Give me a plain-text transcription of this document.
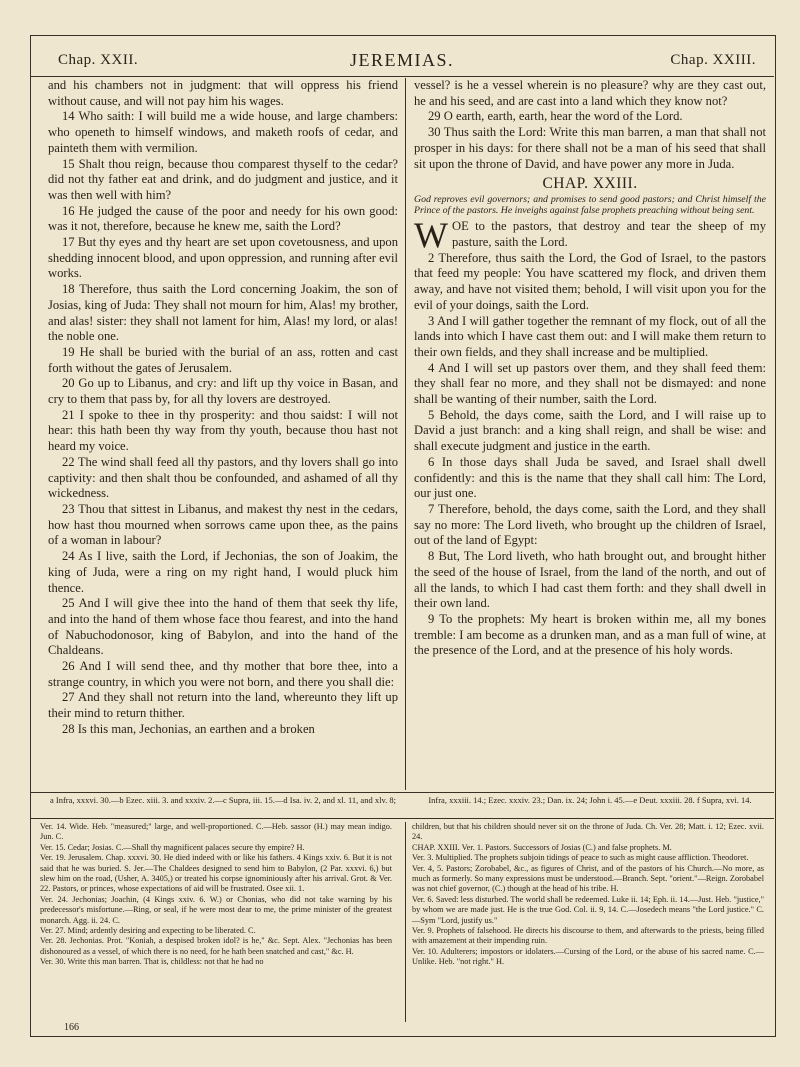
Chap. XXII.	JEREMIAS.	Chap. XXIII.

and his chambers not in judgment: that will oppress his friend without cause, and will not pay him his wages.

14 Who saith: I will build me a wide house, and large chambers: who openeth to himself windows, and maketh roofs of cedar, and painteth them with vermilion.

15 Shalt thou reign, because thou comparest thyself to the cedar? did not thy father eat and drink, and do judgment and justice, and it was then well with him?

16 He judged the cause of the poor and needy for his own good: was it not, therefore, because he knew me, saith the Lord?

17 But thy eyes and thy heart are set upon covetousness, and upon shedding innocent blood, and upon oppression, and running after evil works.

18 Therefore, thus saith the Lord concerning Joakim, the son of Josias, king of Juda: They shall not mourn for him, Alas! my brother, and alas! sister: they shall not lament for him, Alas! my lord, or alas! the noble one.

19 He shall be buried with the burial of an ass, rotten and cast forth without the gates of Jerusalem.

20 Go up to Libanus, and cry: and lift up thy voice in Basan, and cry to them that pass by, for all thy lovers are destroyed.

21 I spoke to thee in thy prosperity: and thou saidst: I will not hear: this hath been thy way from thy youth, because thou hast not heard my voice.

22 The wind shall feed all thy pastors, and thy lovers shall go into captivity: and then shalt thou be confounded, and ashamed of all thy wickedness.

23 Thou that sittest in Libanus, and makest thy nest in the cedars, how hast thou mourned when sorrows came upon thee, as the pains of a woman in labour?

24 As I live, saith the Lord, if Jechonias, the son of Joakim, the king of Juda, were a ring on my right hand, I would pluck him thence.

25 And I will give thee into the hand of them that seek thy life, and into the hand of them whose face thou fearest, and into the hand of Nabuchodonosor, king of Babylon, and into the hand of the Chaldeans.

26 And I will send thee, and thy mother that bore thee, into a strange country, in which you were not born, and there you shall die:

27 And they shall not return into the land, whereunto they lift up their mind to return thither.

28 Is this man, Jechonias, an earthen and a broken

vessel? is he a vessel wherein is no pleasure? why are they cast out, he and his seed, and are cast into a land which they know not?

29 O earth, earth, earth, hear the word of the Lord.

30 Thus saith the Lord: Write this man barren, a man that shall not prosper in his days: for there shall not be a man of his seed that shall sit upon the throne of David, and have power any more in Juda.

CHAP. XXIII.
God reproves evil governors; and promises to send good pastors; and Christ himself the Prince of the pastors. He inveighs against false prophets preaching without being sent.

WOE to the pastors, that destroy and tear the sheep of my pasture, saith the Lord.

2 Therefore, thus saith the Lord, the God of Israel, to the pastors that feed my people: You have scattered my flock, and driven them away, and have not visited them; behold, I will visit upon you for the evil of your doings, saith the Lord.

3 And I will gather together the remnant of my flock, out of all the lands into which I have cast them out: and I will make them return to their own fields, and they shall increase and be multiplied.

4 And I will set up pastors over them, and they shall feed them: they shall fear no more, and they shall not be dismayed: and none shall be wanting of their number, saith the Lord.

5 Behold, the days come, saith the Lord, and I will raise up to David a just branch: and a king shall reign, and shall be wise: and shall execute judgment and justice in the earth.

6 In those days shall Juda be saved, and Israel shall dwell confidently: and this is the name that they shall call him: The Lord, our just one.

7 Therefore, behold, the days come, saith the Lord, and they shall say no more: The Lord liveth, who brought up the children of Israel, out of the land of Egypt:

8 But, The Lord liveth, who hath brought out, and brought hither the seed of the house of Israel, from the land of the north, and out of all the lands, to which I had cast them forth: and they shall dwell in their own land.

9 To the prophets: My heart is broken within me, all my bones tremble: I am become as a drunken man, and as a man full of wine, at the presence of the Lord, and at the presence of his holy words.

a Infra, xxxvi. 30.—b Ezec. xiii. 3. and xxxiv. 2.—c Supra, iii. 15.—d Isa. iv. 2, and xl. 11, and xlv. 8;	Infra, xxxiii. 14.; Ezec. xxxiv. 23.; Dan. ix. 24; John i. 45.—e Deut. xxxiii. 28. f Supra, xvi. 14.

Ver. 14. Wide. Heb. "measured;" large, and well-proportioned. C.—Heb. sassor (H.) may mean indigo. Jun. C.

Ver. 15. Cedar; Josias. C.—Shall thy magnificent palaces secure thy empire? H.

Ver. 19. Jerusalem. Chap. xxxvi. 30. He died indeed with or like his fathers. 4 Kings xxiv. 6. But it is not said that he was buried. S. Jer.—The Chaldees designed to send him to Babylon, (2 Par. xxxvi. 6,) but slew him on the road, (Usher, A. 3405,) or treated his corpse ignominiously after his arrival. Grot. & Ver. 22. Pastors, or princes, whose expectations of aid will be frustrated. Osee xii. 1.

Ver. 24. Jechonias; Joachin, (4 Kings xxiv. 6. W.) or Chonias, who did not take warning by his predecessor's misfortune.—Ring, or seal, if he were most dear to me, the prime minister of the greatest monarch. Agg. ii. 24. C.

Ver. 27. Mind; ardently desiring and expecting to be liberated. C.

Ver. 28. Jechonias. Prot. "Koniah, a despised broken idol? is he," &c. Sept. Alex. "Jechonias has been dishonoured as a vessel, of which there is no need, for he hath been snatched and cast," &c. H.

Ver. 30. Write this man barren. That is, childless: not that he had no

children, but that his children should never sit on the throne of Juda. Ch. Ver. 28; Matt. i. 12; Ezec. xvii. 24.

CHAP. XXIII. Ver. 1. Pastors. Successors of Josias (C.) and false prophets. M.

Ver. 3. Multiplied. The prophets subjoin tidings of peace to such as might cause affliction. Theodoret.

Ver. 4, 5. Pastors; Zorobabel, &c., as figures of Christ, and of the pastors of his Church.—No more, as much as formerly. So many expressions must be understood.—Branch. Sept. "orient."—Reign. Zorobabel was not chief governor, (C.) though at the head of his tribe. H.

Ver. 6. Saved: less disturbed. The world shall be redeemed. Luke ii. 14; Eph. ii. 14.—Just. Heb. "justice," by whom we are made just. He is the true God. Col. ii. 9, 14. C.—Josedech means "the Lord justice." C.—Sym "Lord, justify us."

Ver. 9. Prophets of falsehood. He directs his discourse to them, and afterwards to the priests, being filled with amazement at their impending ruin.

Ver. 10. Adulterers; impostors or idolaters.—Cursing of the Lord, or the abuse of his sacred name. C.—Unlike. Heb. "not right." H.

166
